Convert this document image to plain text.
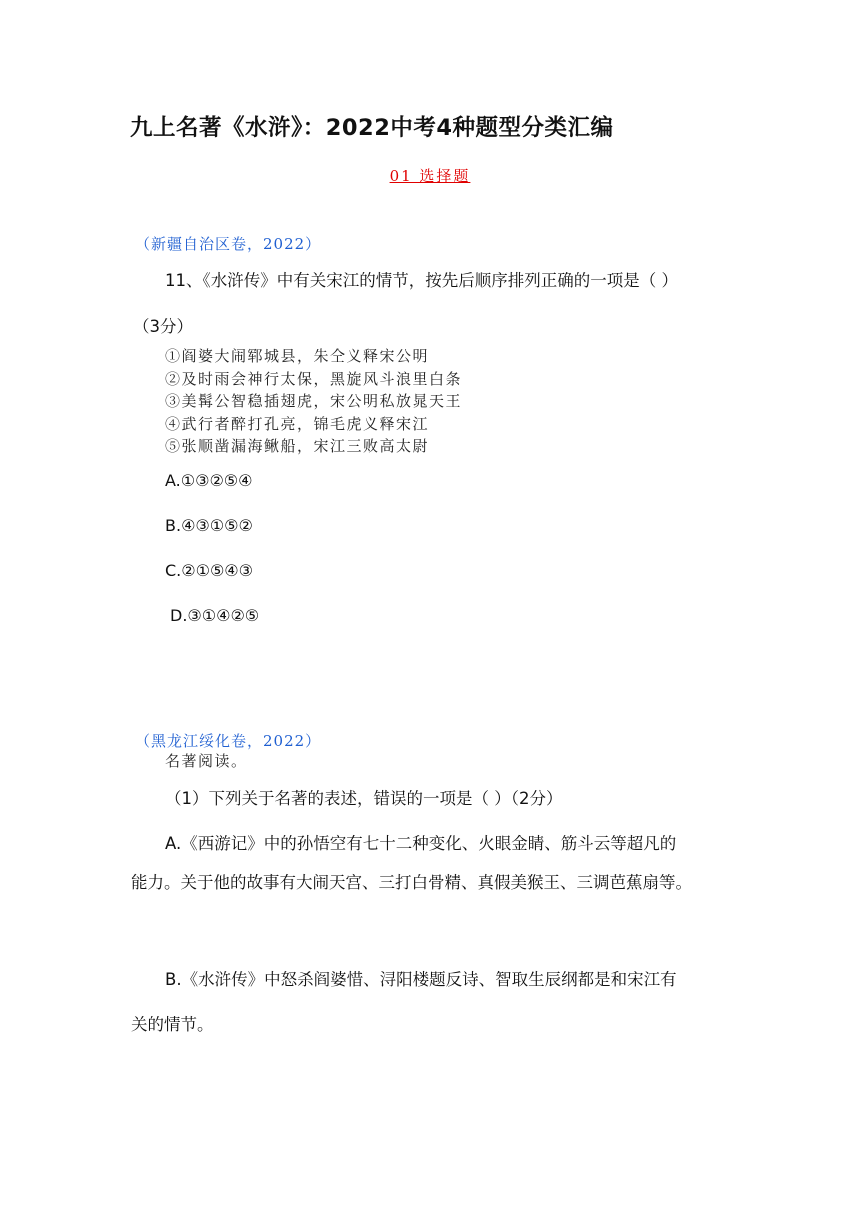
九上名著《水浒》：2022中考4种题型分类汇编
01 选择题
（新疆自治区卷，2022）
11、《水浒传》中有关宋江的情节，按先后顺序排列正确的一项是（ ）
（3分）
①阎婆大闹郓城县，朱仝义释宋公明
②及时雨会神行太保，黑旋风斗浪里白条
③美髯公智稳插翅虎，宋公明私放晁天王
④武行者醉打孔亮，锦毛虎义释宋江
⑤张顺凿漏海鳅船，宋江三败高太尉
A.①③②⑤④
B.④③①⑤②
C.②①⑤④③
D.③①④②⑤
（黑龙江绥化卷，2022）
名著阅读。
（1）下列关于名著的表述，错误的一项是（ ）（2分）
A.《西游记》中的孙悟空有七十二种变化、火眼金睛、筋斗云等超凡的
能力。关于他的故事有大闹天宫、三打白骨精、真假美猴王、三调芭蕉扇等。
B.《水浒传》中怒杀阎婆惜、浔阳楼题反诗、智取生辰纲都是和宋江有
关的情节。
